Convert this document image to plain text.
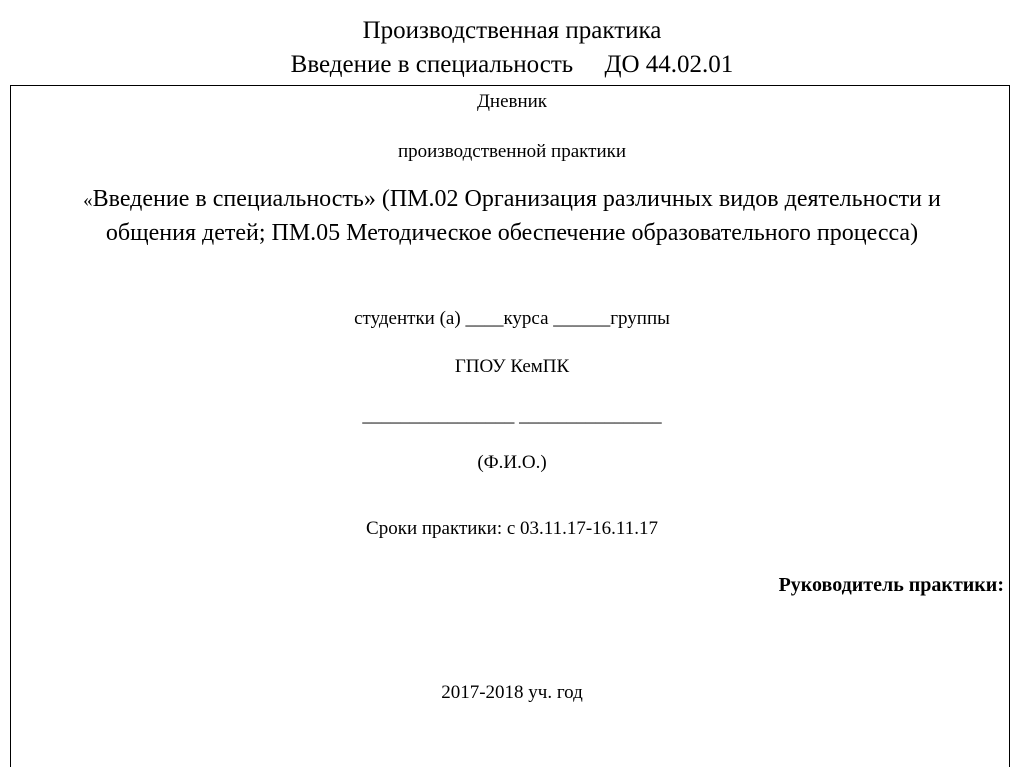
Производственная практика
Введение в специальность     ДО 44.02.01
Дневник
производственной практики
«Введение в специальность» (ПМ.02 Организация различных видов деятельности и общения детей; ПМ.05 Методическое обеспечение образовательного процесса)
студентки (а) ____курса ______группы
ГПОУ КемПК
________________ _______________
(Ф.И.О.)
Сроки практики: с 03.11.17-16.11.17
Руководитель практики:
2017-2018 уч. год
